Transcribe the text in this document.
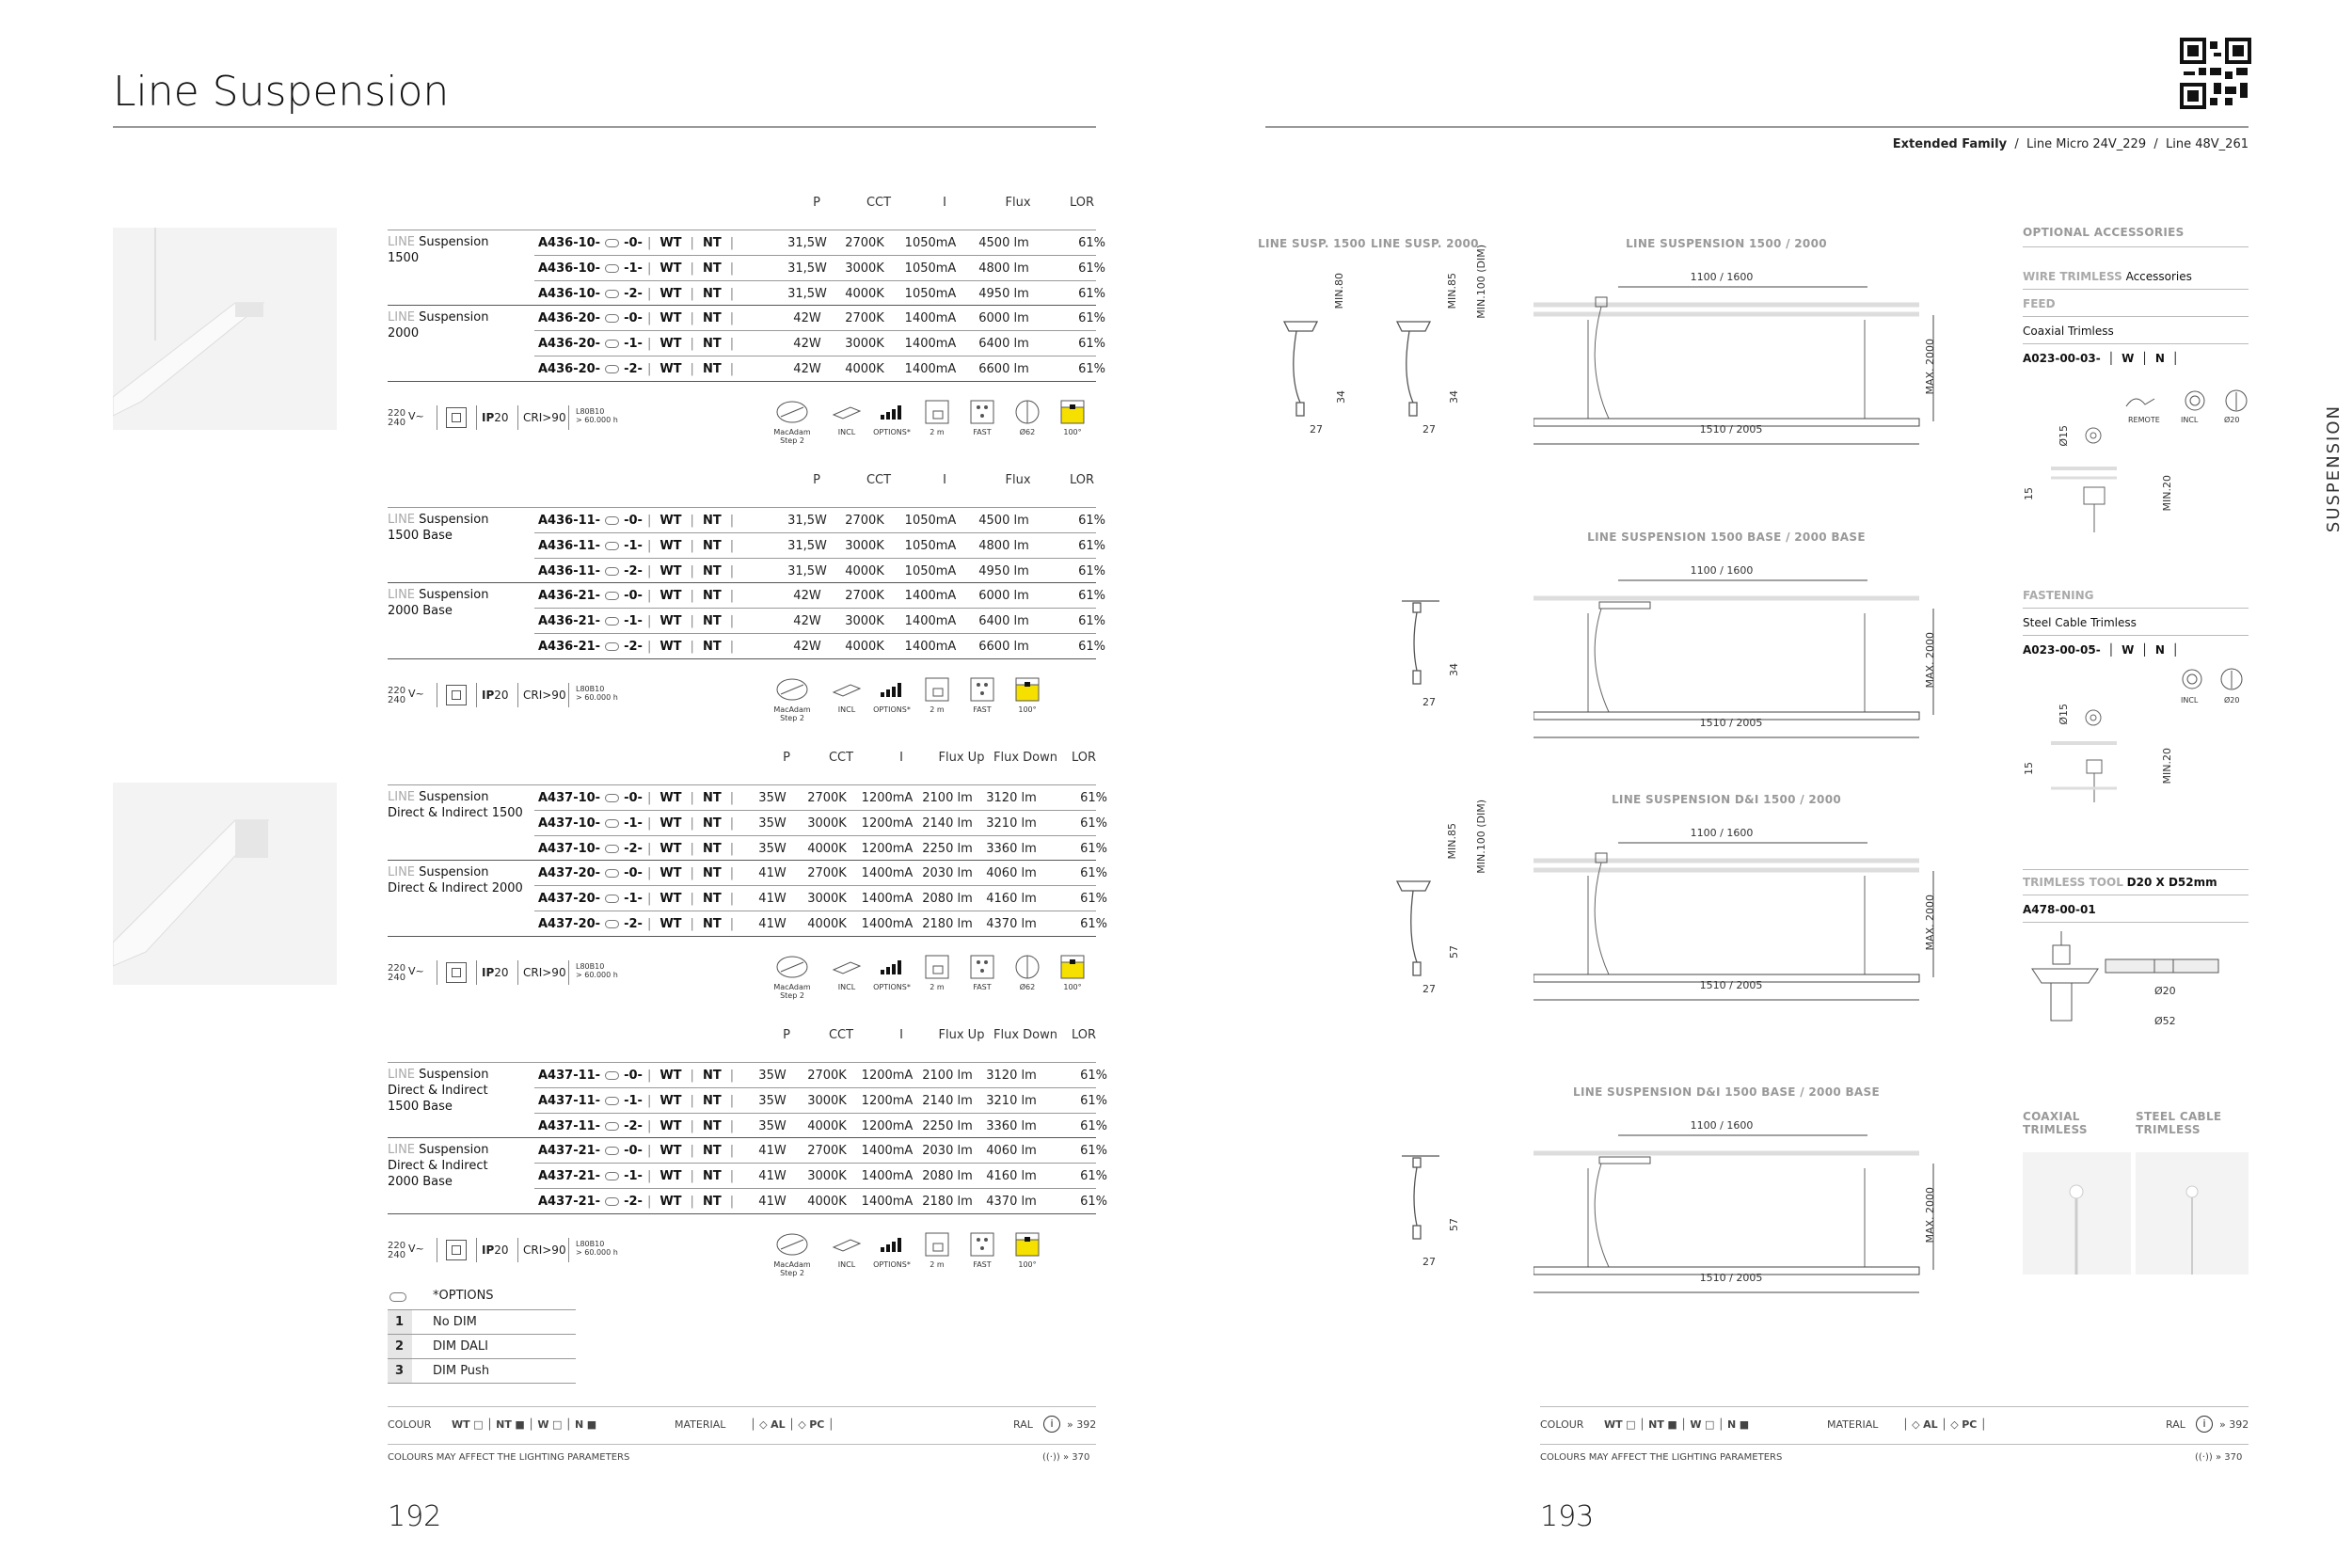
Line Suspension
P	CCT	I	Flux	LOR
LINE Suspension
1500
A436-10- -0- | WT | NT |	31,5W	2700K	1050mA	4500 lm	61%
A436-10- -1- | WT | NT |	31,5W	3000K	1050mA	4800 lm	61%
A436-10- -2- | WT | NT |	31,5W	4000K	1050mA	4950 lm	61%
LINE Suspension
2000
A436-20- -0- | WT | NT |	42W	2700K	1400mA	6000 lm	61%
A436-20- -1- | WT | NT |	42W	3000K	1400mA	6400 lm	61%
A436-20- -2- | WT | NT |	42W	4000K	1400mA	6600 lm	61%
220
240
V~	IP20 CRI>90 L80B10
> 60.000 h
MacAdam
Step 2
INCL	OPTIONS*	2 m	FAST	Ø62	100°
P	CCT	I	Flux	LOR
LINE Suspension
1500 Base
A436-11- -0- | WT | NT |	31,5W	2700K	1050mA	4500 lm	61%
A436-11- -1- | WT | NT |	31,5W	3000K	1050mA	4800 lm	61%
A436-11- -2- | WT | NT |	31,5W	4000K	1050mA	4950 lm	61%
LINE Suspension
2000 Base
A436-21- -0- | WT | NT |	42W	2700K	1400mA	6000 lm	61%
A436-21- -1- | WT | NT |	42W	3000K	1400mA	6400 lm	61%
A436-21- -2- | WT | NT |	42W	4000K	1400mA	6600 lm	61%
220
240
V~	IP20 CRI>90 L80B10
> 60.000 h
MacAdam
Step 2
INCL	OPTIONS*	2 m	FAST	100°
P	CCT	I	Flux Up Flux Down	LOR
LINE Suspension
Direct & Indirect 1500
A437-10- -0- | WT | NT |	35W	2700K	1200mA 2100 lm	3120 lm	61%
A437-10- -1- | WT | NT |	35W	3000K	1200mA 2140 lm	3210 lm	61%
A437-10- -2- | WT | NT |	35W	4000K	1200mA 2250 lm	3360 lm	61%
LINE Suspension
Direct & Indirect 2000
A437-20- -0- | WT | NT |	41W	2700K	1400mA 2030 lm	4060 lm	61%
A437-20- -1- | WT | NT |	41W	3000K	1400mA 2080 lm	4160 lm	61%
A437-20- -2- | WT | NT |	41W	4000K	1400mA 2180 lm	4370 lm	61%
220
240
V~	IP20 CRI>90 L80B10
> 60.000 h
MacAdam
Step 2
INCL	OPTIONS*	2 m	FAST	Ø62	100°
P	CCT	I	Flux Up Flux Down	LOR
LINE Suspension
Direct & Indirect
1500 Base
A437-11- -0- | WT | NT |	35W	2700K	1200mA 2100 lm	3120 lm	61%
A437-11- -1- | WT | NT |	35W	3000K	1200mA 2140 lm	3210 lm	61%
A437-11- -2- | WT | NT |	35W	4000K	1200mA 2250 lm	3360 lm	61%
LINE Suspension
Direct & Indirect
2000 Base
A437-21- -0- | WT | NT |	41W	2700K	1400mA 2030 lm	4060 lm	61%
A437-21- -1- | WT | NT |	41W	3000K	1400mA 2080 lm	4160 lm	61%
A437-21- -2- | WT | NT |	41W	4000K	1400mA 2180 lm	4370 lm	61%
220
240
V~	IP20 CRI>90 L80B10
> 60.000 h
MacAdam
Step 2
INCL	OPTIONS*	2 m	FAST	100°
*OPTIONS
1 No DIM
2 DIM DALI
3 DIM Push
COLOUR WT □ │ NT ■ │ W □ │ N ■	MATERIAL │ ◇ AL │ ◇ PC │	RAL	i	» 392
COLOURS MAY AFFECT THE LIGHTING PARAMETERS	((·)) » 370
192
Extended Family  /  Line Micro 24V_229  /  Line 48V_261
SUSPENSION
LINE SUSP. 1500 LINE SUSP. 2000
MIN.80	MIN.85 MIN.100 (DIM)
34	34
27	27
34
27
MIN.85 MIN.100 (DIM)
57
27
57
27
LINE SUSPENSION 1500 / 2000
1100 / 1600
MAX. 2000
1510 / 2005
LINE SUSPENSION 1500 BASE / 2000 BASE
1100 / 1600
MAX. 2000
1510 / 2005
LINE SUSPENSION D&I 1500 / 2000
1100 / 1600
MAX. 2000
1510 / 2005
LINE SUSPENSION D&I 1500 BASE / 2000 BASE
1100 / 1600
MAX. 2000
1510 / 2005
OPTIONAL ACCESSORIES
WIRE TRIMLESS Accessories
FEED
Coaxial Trimless
A023-00-03-  │  W  │  N  │
REMOTE	INCL	Ø20
Ø15
15	MIN.20
FASTENING
Steel Cable Trimless
A023-00-05-  │  W  │  N  │
INCL	Ø20
Ø15
15	MIN.20
TRIMLESS TOOL D20 X D52mm
A478-00-01
Ø20
Ø52
COAXIAL
TRIMLESS
STEEL CABLE
TRIMLESS
COLOUR WT □ │ NT ■ │ W □ │ N ■	MATERIAL │ ◇ AL │ ◇ PC │	RAL	i	» 392
COLOURS MAY AFFECT THE LIGHTING PARAMETERS	((·)) » 370
193
